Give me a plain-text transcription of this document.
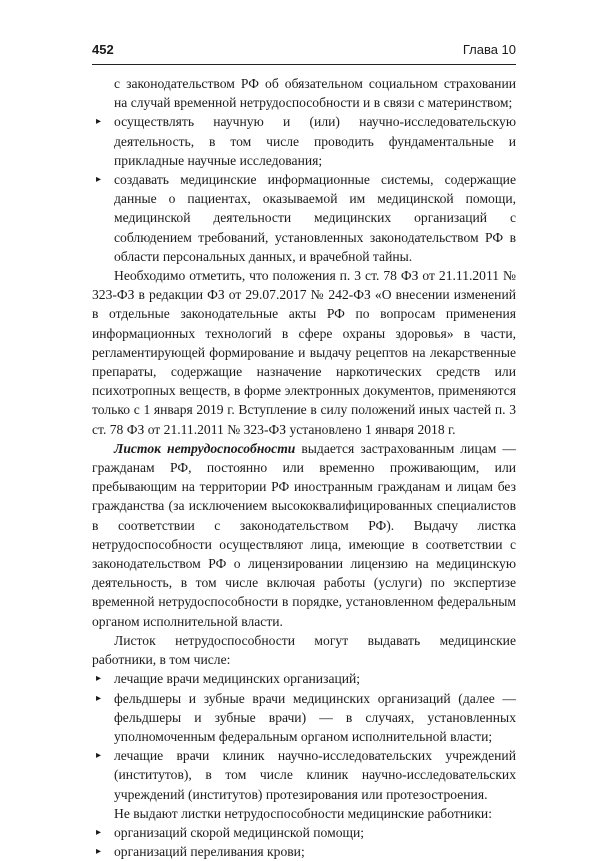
452	Глава 10

с законодательством РФ об обязательном социальном страховании на случай временной нетрудоспособности и в связи с материнством;

▸ осуществлять научную и (или) научно-исследовательскую деятельность, в том числе проводить фундаментальные и прикладные научные исследования;

▸ создавать медицинские информационные системы, содержащие данные о пациентах, оказываемой им медицинской помощи, медицинской деятельности медицинских организаций с соблюдением требований, установленных законодательством РФ в области персональных данных, и врачебной тайны.

Необходимо отметить, что положения п. 3 ст. 78 ФЗ от 21.11.2011 № 323-ФЗ в редакции ФЗ от 29.07.2017 № 242-ФЗ «О внесении изменений в отдельные законодательные акты РФ по вопросам применения информационных технологий в сфере охраны здоровья» в части, регламентирующей формирование и выдачу рецептов на лекарственные препараты, содержащие назначение наркотических средств или психотропных веществ, в форме электронных документов, применяются только с 1 января 2019 г. Вступление в силу положений иных частей п. 3 ст. 78 ФЗ от 21.11.2011 № 323-ФЗ установлено 1 января 2018 г.

Листок нетрудоспособности выдается застрахованным лицам — гражданам РФ, постоянно или временно проживающим, или пребывающим на территории РФ иностранным гражданам и лицам без гражданства (за исключением высококвалифицированных специалистов в соответствии с законодательством РФ). Выдачу листка нетрудоспособности осуществляют лица, имеющие в соответствии с законодательством РФ о лицензировании лицензию на медицинскую деятельность, в том числе включая работы (услуги) по экспертизе временной нетрудоспособности в порядке, установленном федеральным органом исполнительной власти.

Листок нетрудоспособности могут выдавать медицинские работники, в том числе:

▸ лечащие врачи медицинских организаций;

▸ фельдшеры и зубные врачи медицинских организаций (далее — фельдшеры и зубные врачи) — в случаях, установленных уполномоченным федеральным органом исполнительной власти;

▸ лечащие врачи клиник научно-исследовательских учреждений (институтов), в том числе клиник научно-исследовательских учреждений (институтов) протезирования или протезостроения.

Не выдают листки нетрудоспособности медицинские работники:

▸ организаций скорой медицинской помощи;

▸ организаций переливания крови;
